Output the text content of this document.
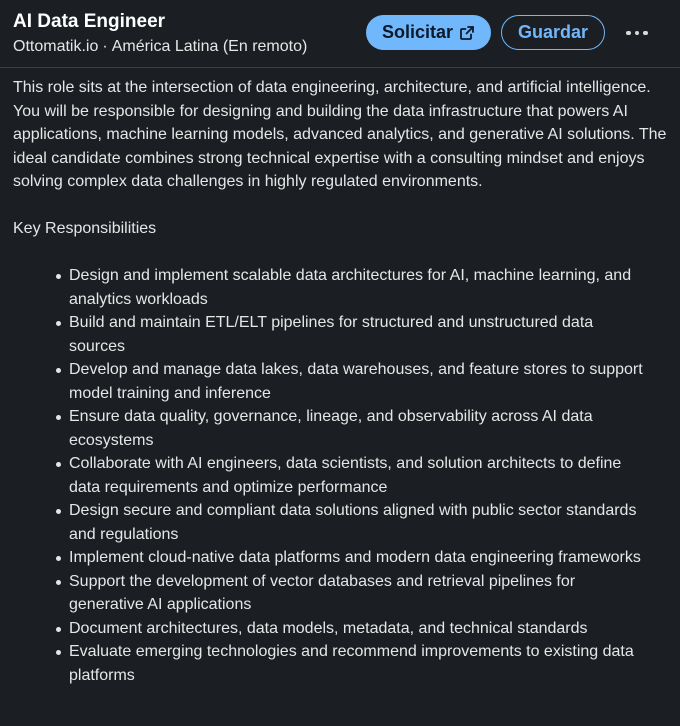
AI Data Engineer
Ottomatik.io · América Latina (En remoto)
Solicitar	Guardar

This role sits at the intersection of data engineering, architecture, and artificial intelligence. You will be responsible for designing and building the data infrastructure that powers AI applications, machine learning models, advanced analytics, and generative AI solutions. The ideal candidate combines strong technical expertise with a consulting mindset and enjoys solving complex data challenges in highly regulated environments.

Key Responsibilities
Design and implement scalable data architectures for AI, machine learning, and analytics workloads
Build and maintain ETL/ELT pipelines for structured and unstructured data sources
Develop and manage data lakes, data warehouses, and feature stores to support model training and inference
Ensure data quality, governance, lineage, and observability across AI data ecosystems
Collaborate with AI engineers, data scientists, and solution architects to define data requirements and optimize performance
Design secure and compliant data solutions aligned with public sector standards and regulations
Implement cloud-native data platforms and modern data engineering frameworks
Support the development of vector databases and retrieval pipelines for generative AI applications
Document architectures, data models, metadata, and technical standards
Evaluate emerging technologies and recommend improvements to existing data platforms
